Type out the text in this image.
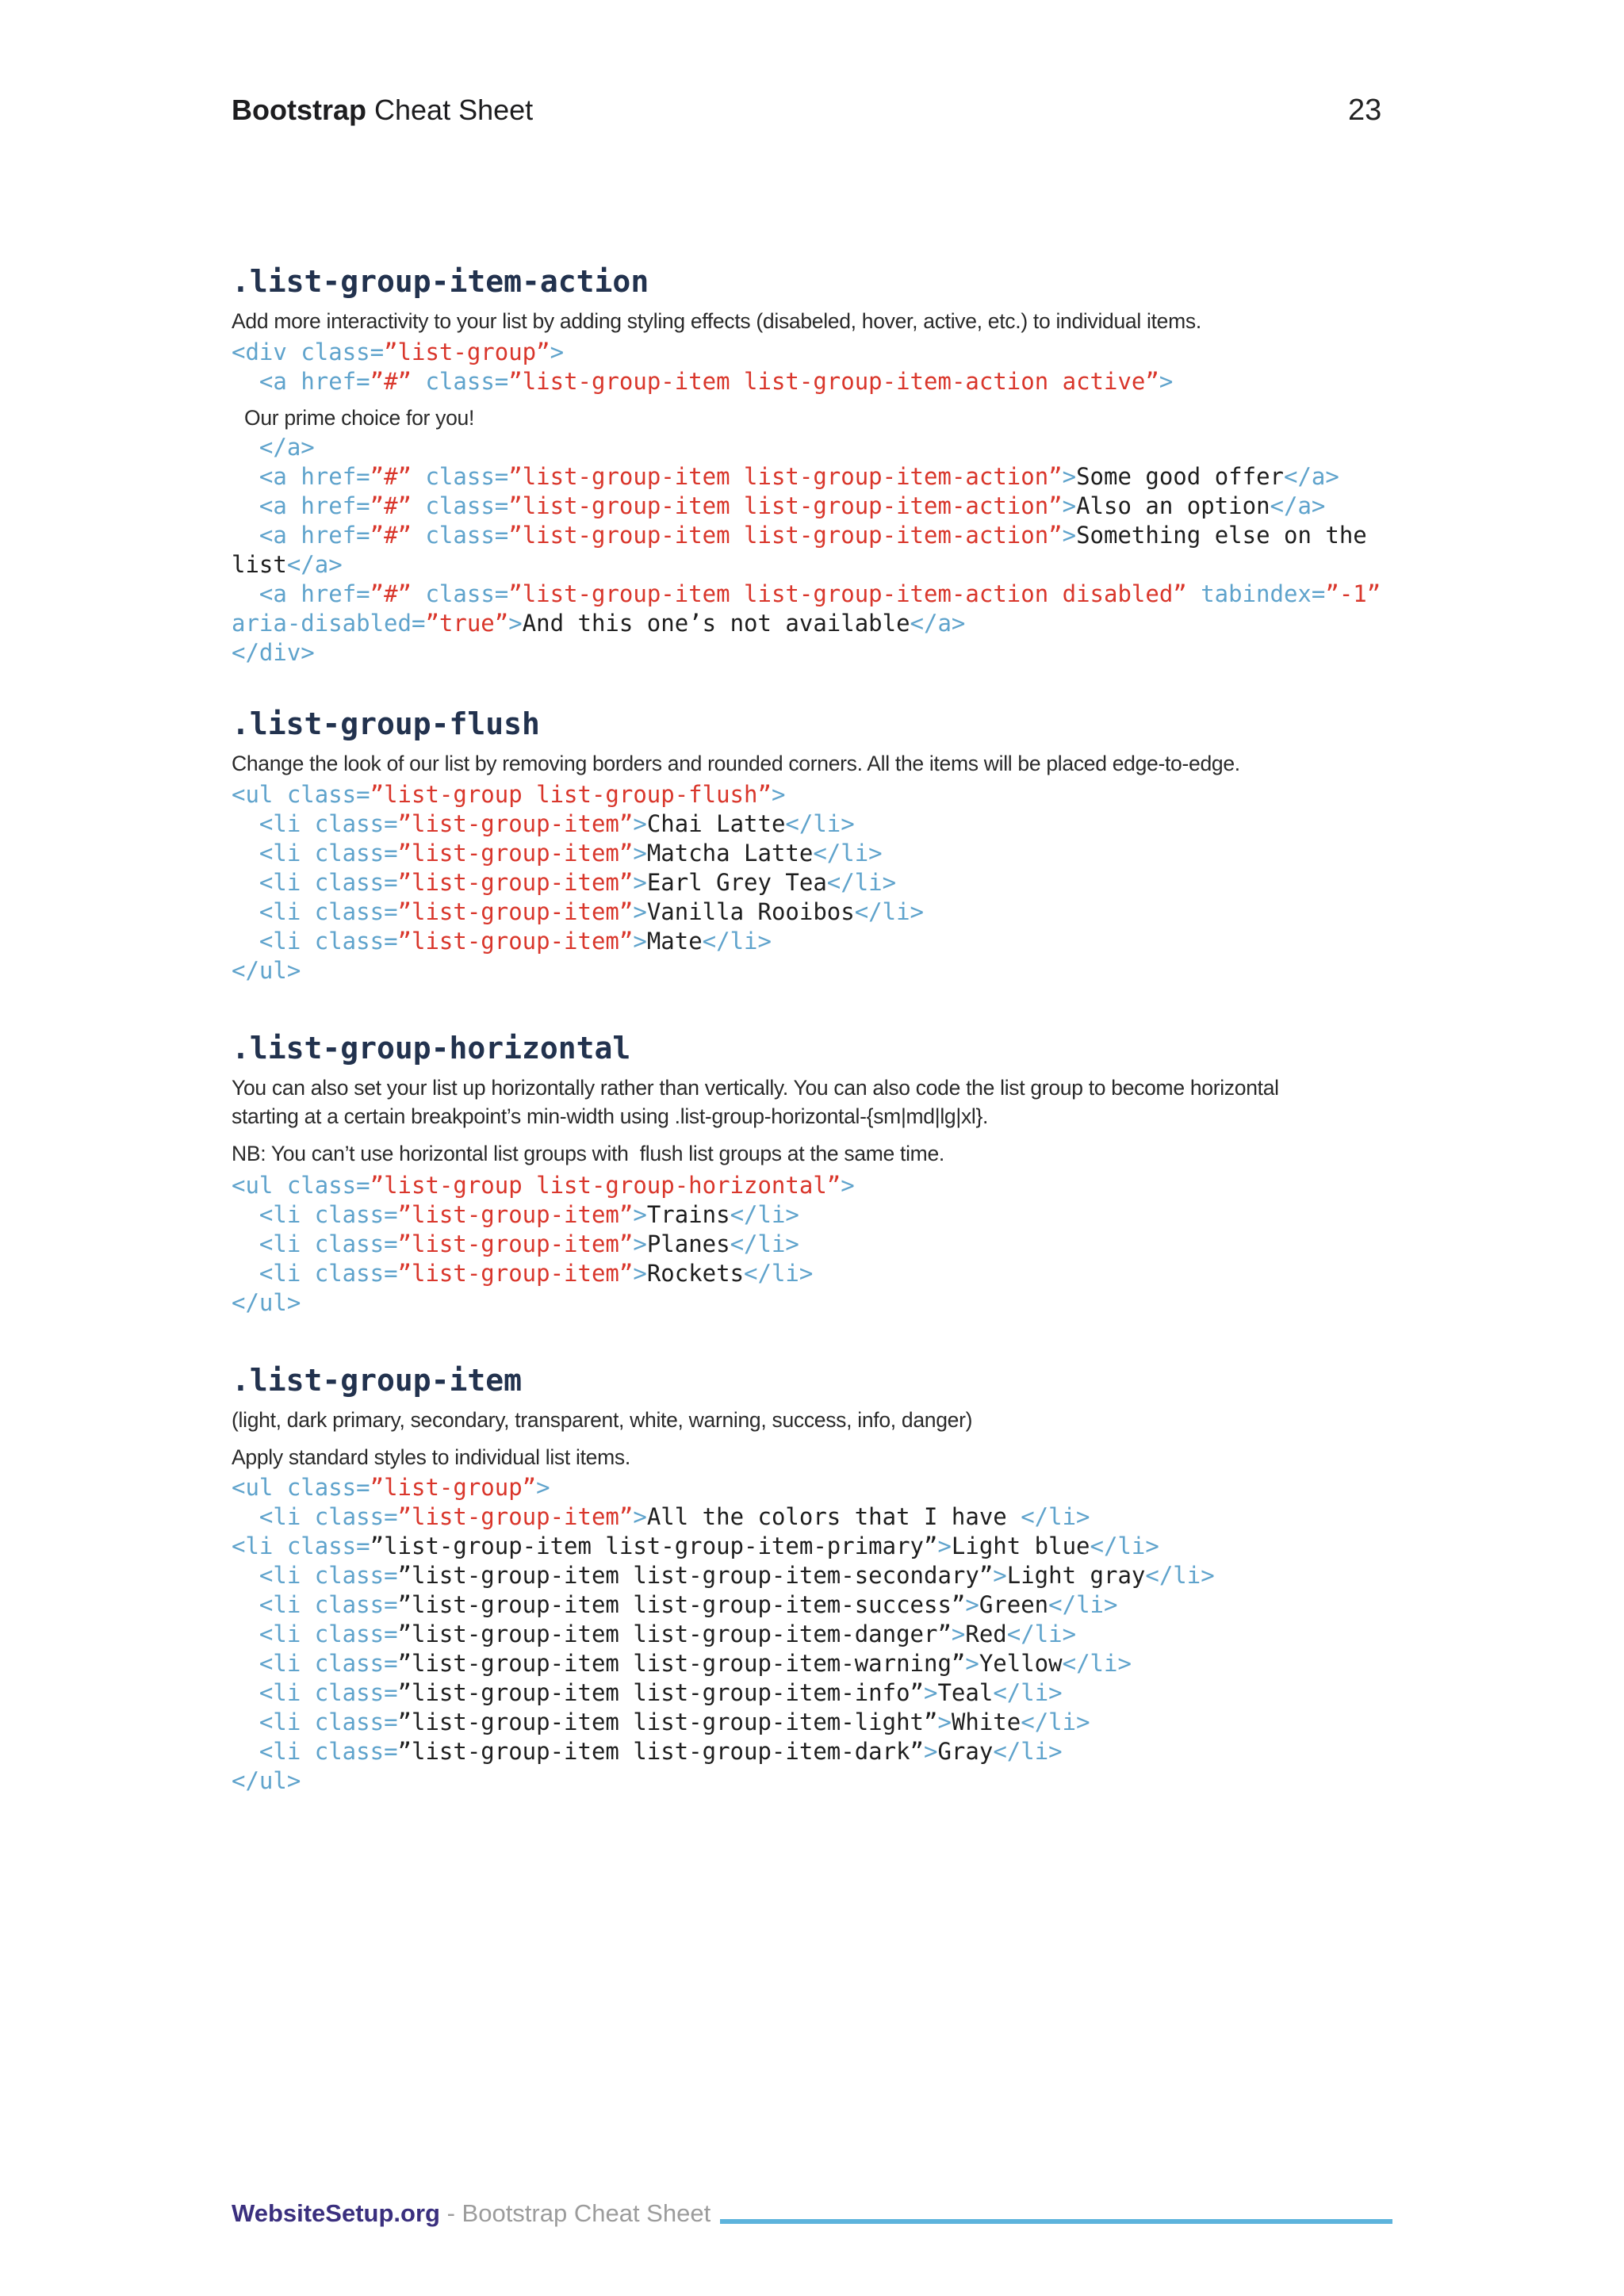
Bootstrap Cheat Sheet	23
.list-group-item-action
Add more interactivity to your list by adding styling effects (disabeled, hover, active, etc.) to individual items.
<div class=”list-group”>
<a href=”#” class=”list-group-item list-group-item-action active”>
Our prime choice for you!
</a>
<a href=”#” class=”list-group-item list-group-item-action”>Some good offer</a>
<a href=”#” class=”list-group-item list-group-item-action”>Also an option</a>
<a href=”#” class=”list-group-item list-group-item-action”>Something else on the
list</a>
<a href=”#” class=”list-group-item list-group-item-action disabled” tabindex=”-1”
aria-disabled=”true”>And this one’s not available</a>
</div>
.list-group-flush
Change the look of our list by removing borders and rounded corners. All the items will be placed edge-to-edge.
<ul class=”list-group list-group-flush”>
<li class=”list-group-item”>Chai Latte</li>
<li class=”list-group-item”>Matcha Latte</li>
<li class=”list-group-item”>Earl Grey Tea</li>
<li class=”list-group-item”>Vanilla Rooibos</li>
<li class=”list-group-item”>Mate</li>
</ul>
.list-group-horizontal
You can also set your list up horizontally rather than vertically. You can also code the list group to become horizontal
starting at a certain breakpoint’s min-width using .list-group-horizontal-{sm|md|lg|xl}.
NB: You can’t use horizontal list groups with  flush list groups at the same time.
<ul class=”list-group list-group-horizontal”>
<li class=”list-group-item”>Trains</li>
<li class=”list-group-item”>Planes</li>
<li class=”list-group-item”>Rockets</li>
</ul>
.list-group-item
(light, dark primary, secondary, transparent, white, warning, success, info, danger)
Apply standard styles to individual list items.
<ul class=”list-group”>
<li class=”list-group-item”>All the colors that I have </li>
<li class=”list-group-item list-group-item-primary”>Light blue</li>
<li class=”list-group-item list-group-item-secondary”>Light gray</li>
<li class=”list-group-item list-group-item-success”>Green</li>
<li class=”list-group-item list-group-item-danger”>Red</li>
<li class=”list-group-item list-group-item-warning”>Yellow</li>
<li class=”list-group-item list-group-item-info”>Teal</li>
<li class=”list-group-item list-group-item-light”>White</li>
<li class=”list-group-item list-group-item-dark”>Gray</li>
</ul>
WebsiteSetup.org - Bootstrap Cheat Sheet
